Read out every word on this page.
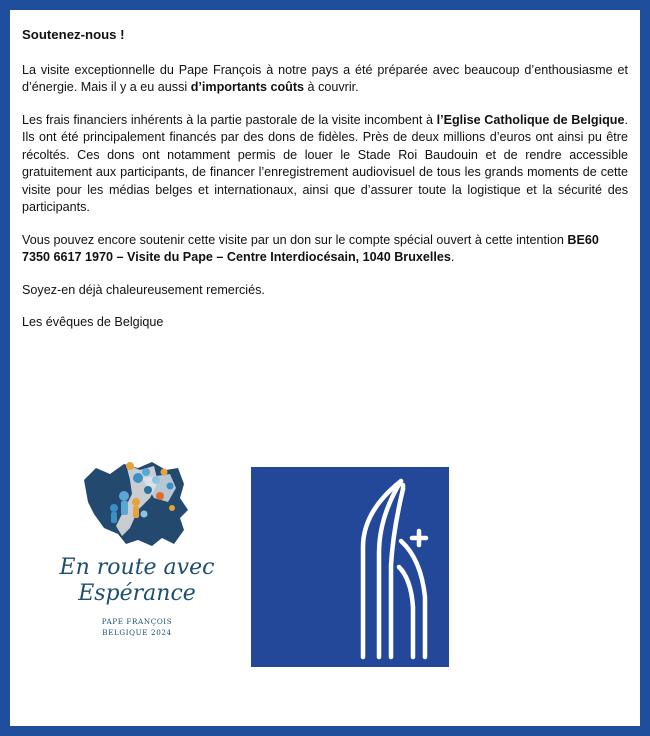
Soutenez-nous !

La visite exceptionnelle du Pape François à notre pays a été préparée avec beaucoup d’enthousiasme et d’énergie. Mais il y a eu aussi d’importants coûts à couvrir.

Les frais financiers inhérents à la partie pastorale de la visite incombent à l’Eglise Catholique de Belgique. Ils ont été principalement financés par des dons de fidèles. Près de deux millions d’euros ont ainsi pu être récoltés. Ces dons ont notamment permis de louer le Stade Roi Baudouin et de rendre accessible gratuitement aux participants, de financer l’enregistrement audiovisuel de tous les grands moments de cette visite pour les médias belges et internationaux, ainsi que d’assurer toute la logistique et la sécurité des participants.

Vous pouvez encore soutenir cette visite par un don sur le compte spécial ouvert à cette intention BE60 7350 6617 1970 – Visite du Pape – Centre Interdiocésain, 1040 Bruxelles.

Soyez-en déjà chaleureusement remerciés.

Les évêques de Belgique

En route avec
Espérance
PAPE FRANÇOIS
BELGIQUE 2024
